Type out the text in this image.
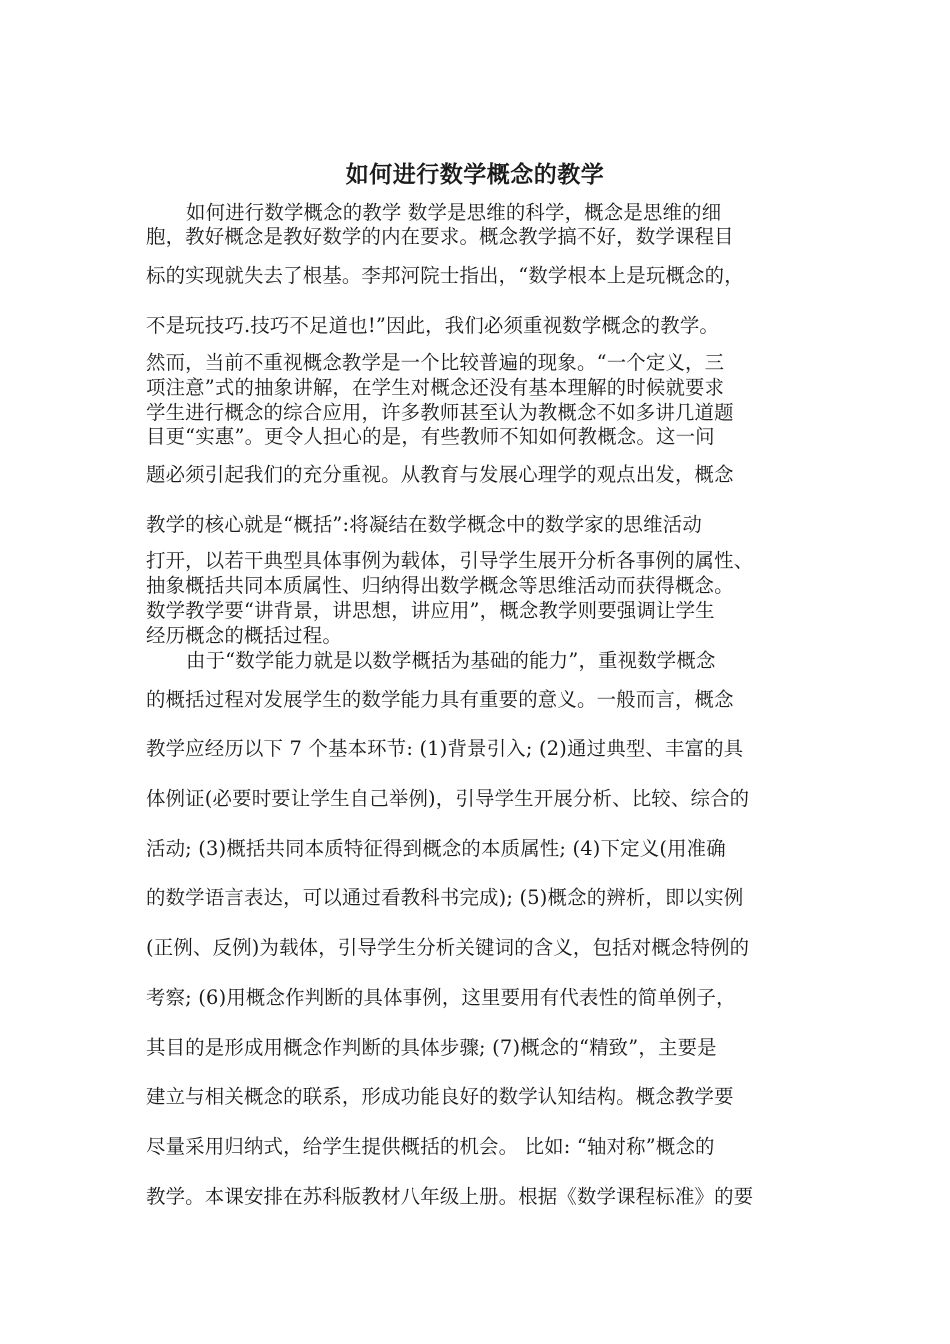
如何进行数学概念的教学
如何进行数学概念的教学 数学是思维的科学，概念是思维的细
胞，教好概念是教好数学的内在要求。概念教学搞不好，数学课程目
标的实现就失去了根基。李邦河院士指出，“数学根本上是玩概念的，
不是玩技巧.技巧不足道也!”因此，我们必须重视数学概念的教学。
然而，当前不重视概念教学是一个比较普遍的现象。“一个定义，三
项注意”式的抽象讲解，在学生对概念还没有基本理解的时候就要求
学生进行概念的综合应用，许多教师甚至认为教概念不如多讲几道题
目更“实惠”。更令人担心的是，有些教师不知如何教概念。这一问
题必须引起我们的充分重视。从教育与发展心理学的观点出发，概念
教学的核心就是“概括”:将凝结在数学概念中的数学家的思维活动
打开，以若干典型具体事例为载体，引导学生展开分析各事例的属性、
抽象概括共同本质属性、归纳得出数学概念等思维活动而获得概念。
数学教学要“讲背景，讲思想，讲应用”，概念教学则要强调让学生
经历概念的概括过程。
由于“数学能力就是以数学概括为基础的能力”，重视数学概念
的概括过程对发展学生的数学能力具有重要的意义。一般而言，概念
教学应经历以下 7 个基本环节: (1)背景引入; (2)通过典型、丰富的具
体例证(必要时要让学生自己举例)，引导学生开展分析、比较、综合的
活动; (3)概括共同本质特征得到概念的本质属性; (4)下定义(用准确
的数学语言表达，可以通过看教科书完成); (5)概念的辨析，即以实例
(正例、反例)为载体，引导学生分析关键词的含义，包括对概念特例的
考察; (6)用概念作判断的具体事例，这里要用有代表性的简单例子，
其目的是形成用概念作判断的具体步骤; (7)概念的“精致”，主要是
建立与相关概念的联系，形成功能良好的数学认知结构。概念教学要
尽量采用归纳式，给学生提供概括的机会。 比如: “轴对称”概念的
教学。本课安排在苏科版教材八年级上册。根据《数学课程标准》的要
